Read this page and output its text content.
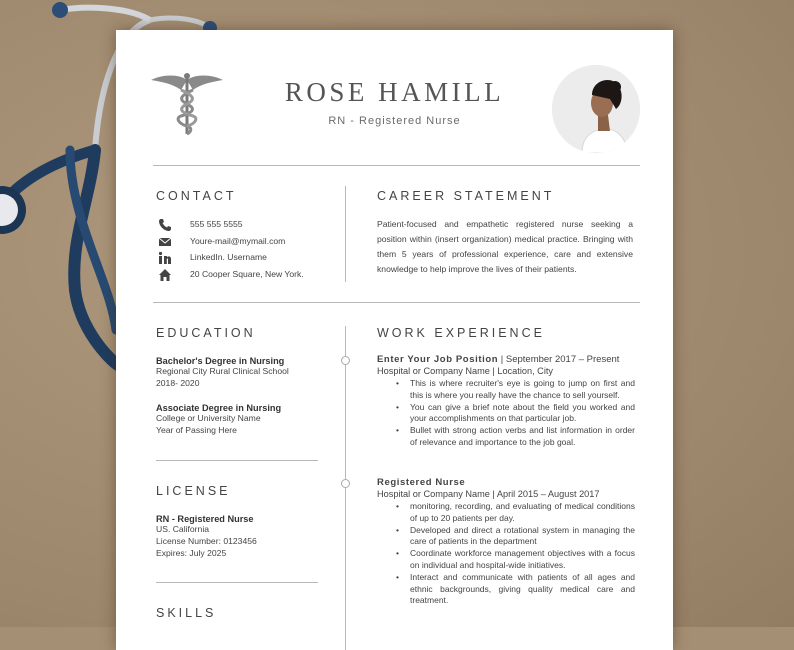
ROSE HAMILL
RN - Registered Nurse
CONTACT
555 555 5555
Youre-mail@mymail.com
LinkedIn. Username
20 Cooper Square, New York.
CAREER STATEMENT
Patient-focused and empathetic registered nurse seeking a position within (insert organization) medical practice. Bringing with them 5 years of professional experience, care and extensive knowledge to help improve the lives of their patients.
EDUCATION
Bachelor's Degree in Nursing
Regional City Rural Clinical School
2018- 2020
Associate Degree in Nursing
College or University Name
Year of Passing Here
LICENSE
RN - Registered Nurse
US. California
License Number: 0123456
Expires: July 2025
SKILLS
WORK EXPERIENCE
Enter Your Job Position | September 2017 – Present
Hospital or Company Name | Location, City
• This is where recruiter's eye is going to jump on first and this is where you really have the chance to sell yourself.
• You can give a brief note about the field you worked and your accomplishments on that particular job.
• Bullet with strong action verbs and list information in order of relevance and importance to the job goal.
Registered Nurse
Hospital or Company Name | April 2015 – August 2017
• monitoring, recording, and evaluating of medical conditions of up to 20 patients per day.
• Developed and direct a rotational system in managing the care of patients in the department
• Coordinate workforce management objectives with a focus on individual and hospital-wide initiatives.
• Interact and communicate with patients of all ages and ethnic backgrounds, giving quality medical care and treatment.
